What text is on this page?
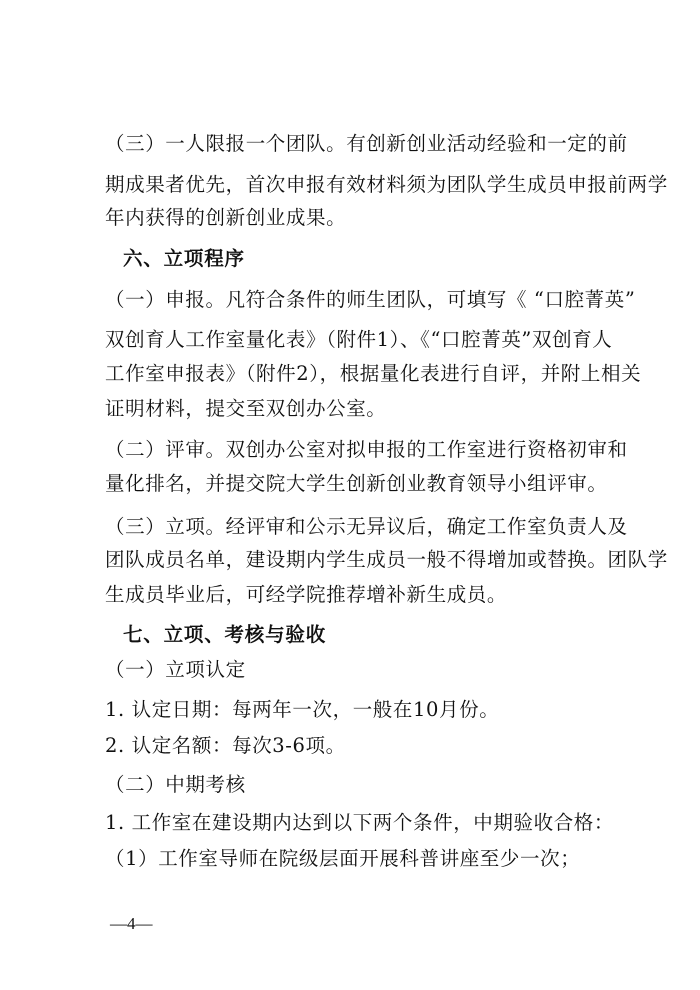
（三）一人限报一个团队。有创新创业活动经验和一定的前
期成果者优先，首次申报有效材料须为团队学生成员申报前两学
年内获得的创新创业成果。
六、立项程序
（一）申报。凡符合条件的师生团队，可填写《 “口腔菁英”
双创育人工作室量化表》（附件1）、《“口腔菁英”双创育人
工作室申报表》（附件2），根据量化表进行自评，并附上相关
证明材料，提交至双创办公室。
（二）评审。双创办公室对拟申报的工作室进行资格初审和
量化排名，并提交院大学生创新创业教育领导小组评审。
（三）立项。经评审和公示无异议后，确定工作室负责人及
团队成员名单，建设期内学生成员一般不得增加或替换。团队学
生成员毕业后，可经学院推荐增补新生成员。
七、立项、考核与验收
（一）立项认定
1. 认定日期：每两年一次，一般在10月份。
2. 认定名额：每次3-6项。
（二）中期考核
1. 工作室在建设期内达到以下两个条件，中期验收合格：
（1）工作室导师在院级层面开展科普讲座至少一次；
—4—
